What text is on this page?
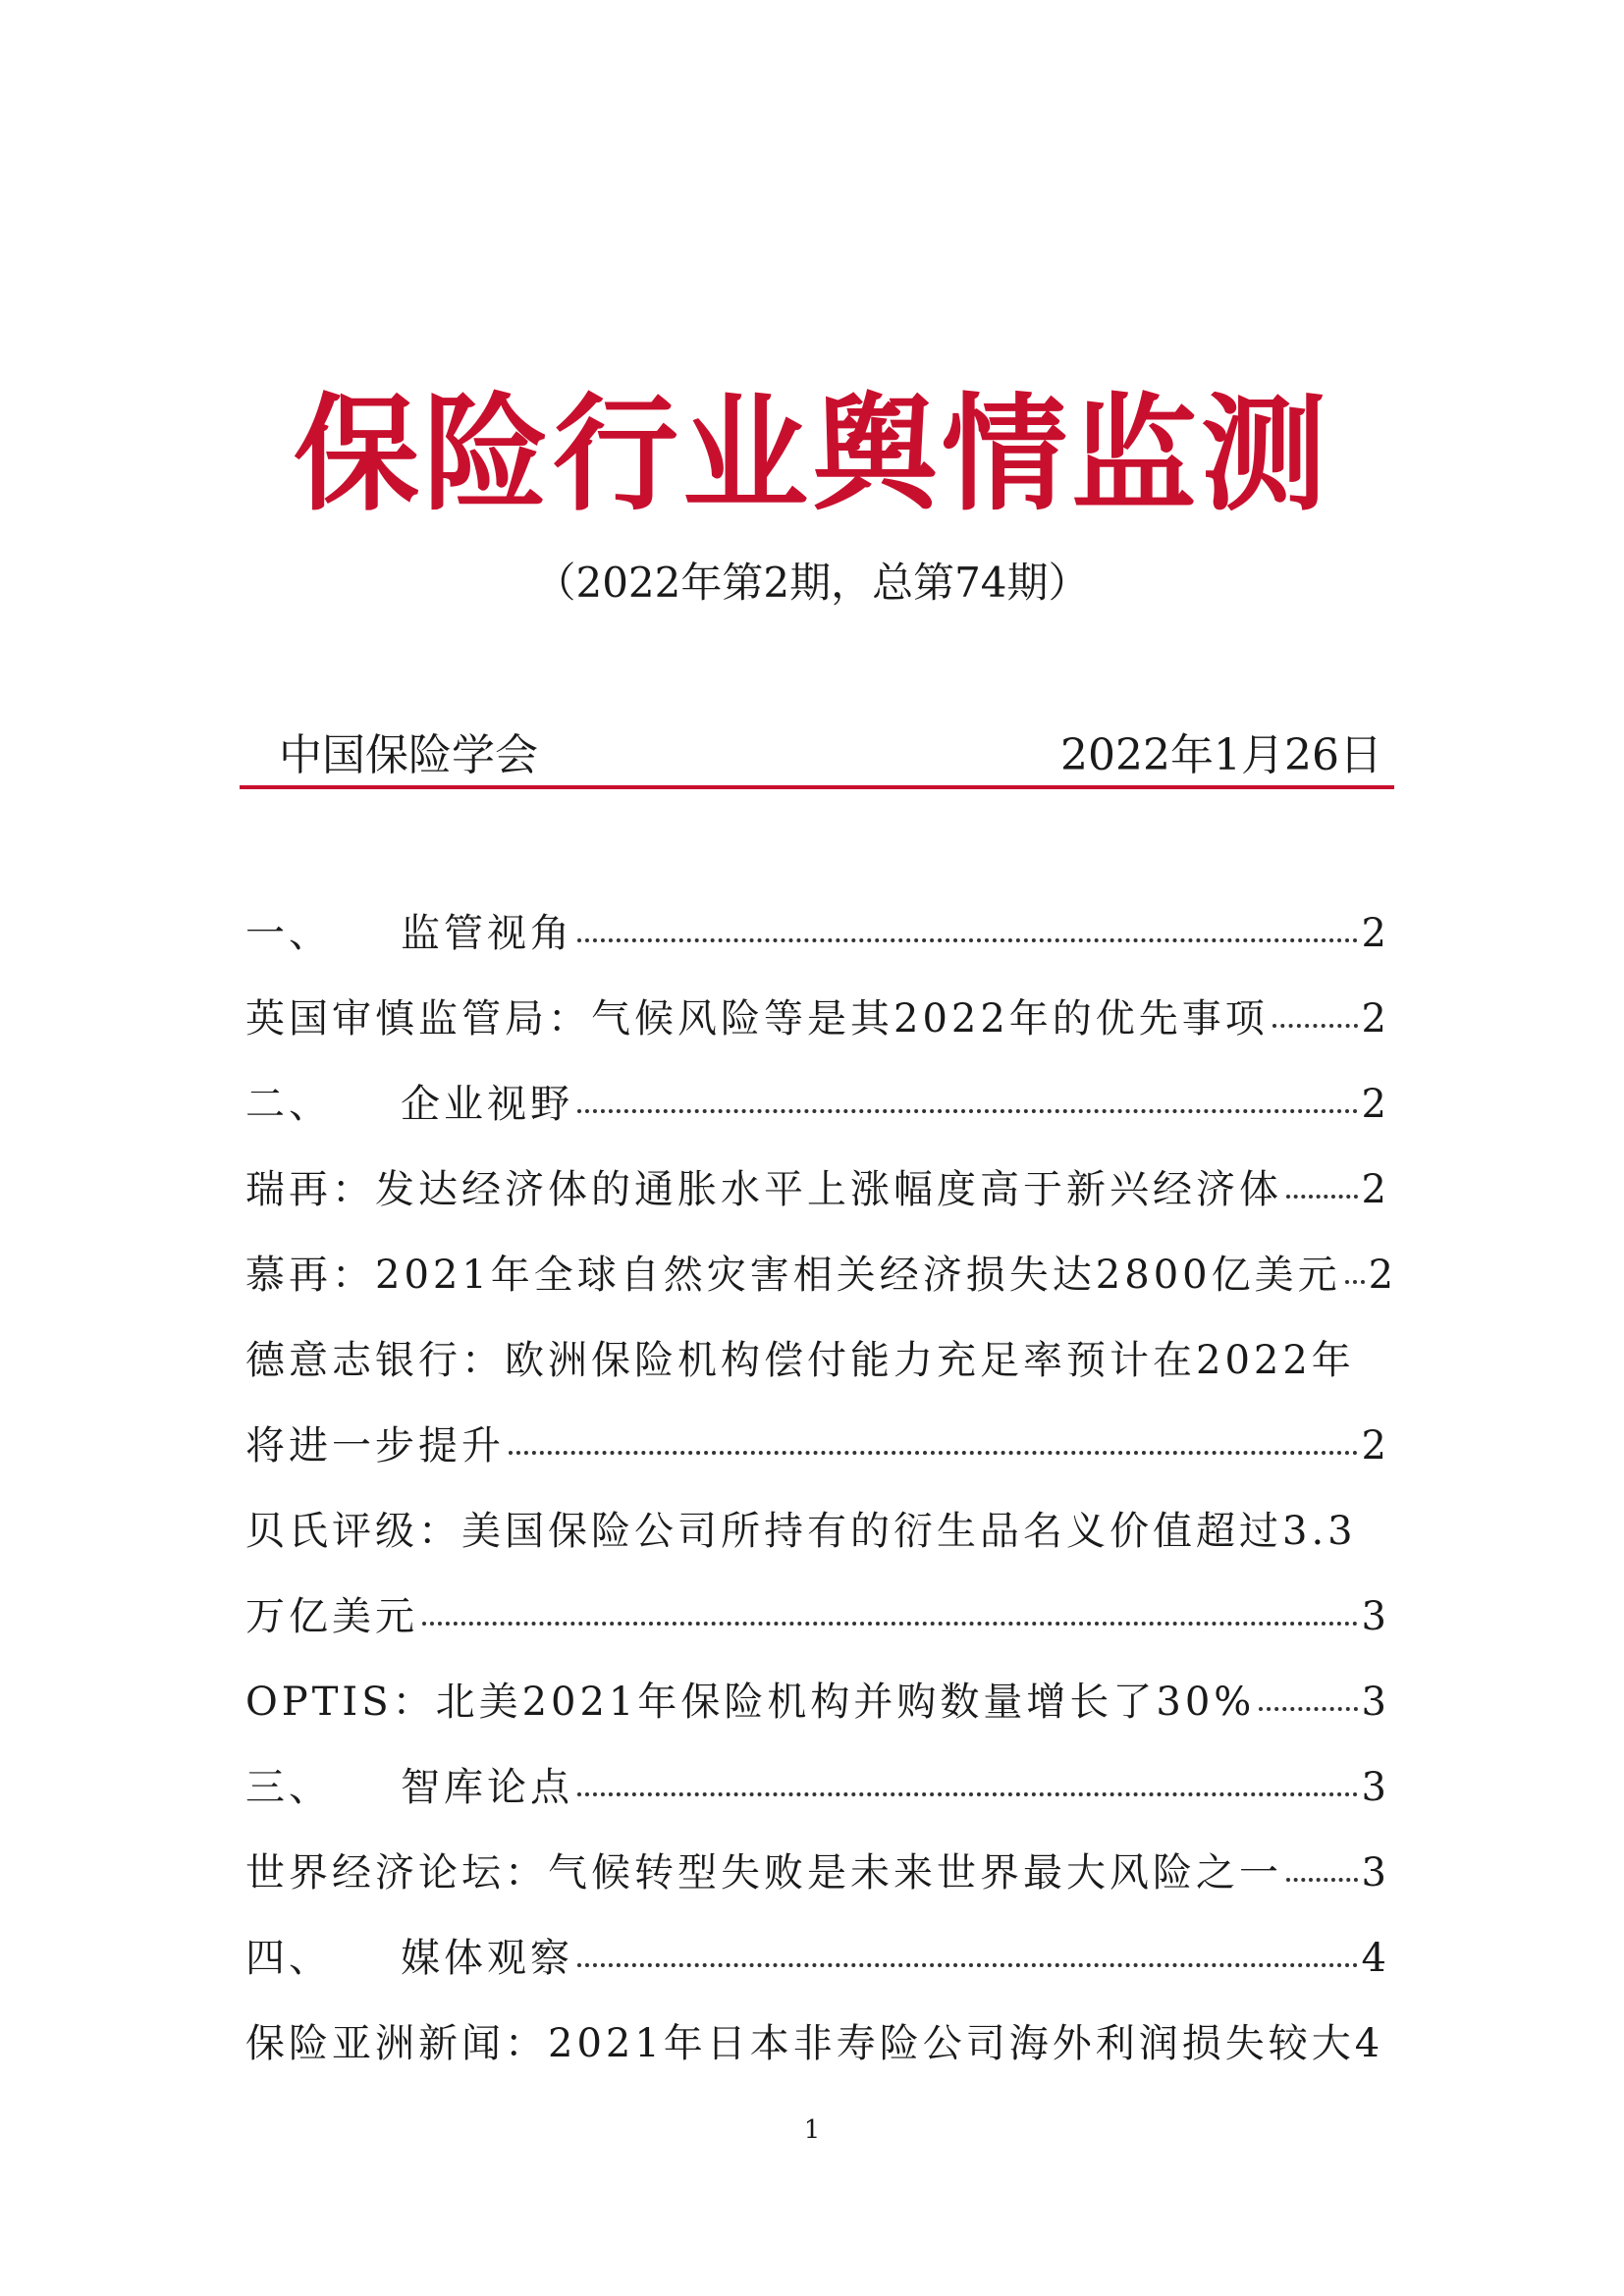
保险行业舆情监测
（2022年第2期，总第74期）
中国保险学会	2022年1月26日
一、 监管视角	2
英国审慎监管局：气候风险等是其2022年的优先事项 2
二、 企业视野	2
瑞再：发达经济体的通胀水平上涨幅度高于新兴经济体 2
慕再：2021年全球自然灾害相关经济损失达2800亿美元 2
德意志银行：欧洲保险机构偿付能力充足率预计在2022年
将进一步提升	2
贝氏评级：美国保险公司所持有的衍生品名义价值超过3.3
万亿美元	3
OPTIS：北美2021年保险机构并购数量增长了30%	3
三、 智库论点	3
世界经济论坛：气候转型失败是未来世界最大风险之一 3
四、 媒体观察	4
保险亚洲新闻：2021年日本非寿险公司海外利润损失较大 4
1
